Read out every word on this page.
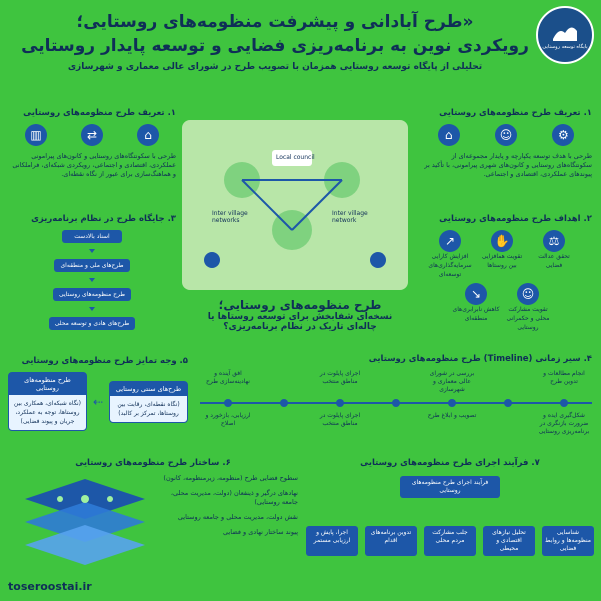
پایگاه توسعه روستایی
«طرح آبادانی و پیشرفت منظومه‌های روستایی؛
رویکردی نوین به برنامه‌ریزی فضایی و توسعه پایدار روستایی
تحلیلی از پایگاه توسعه روستایی همزمان با تصویب طرح در شورای عالی معماری و شهرسازی
۱. تعریف طرح منظومه‌های روستایی
⚙
☺
⌂
طرحی با هدف توسعه یکپارچه و پایدار مجموعه‌ای از سکونتگاه‌های روستایی و کانون‌های شهری پیرامونی، با تأکید بر پیوندهای عملکردی، اقتصادی و اجتماعی.
۱. تعریف طرح منظومه‌های روستایی
⌂
⇄
▥
طرحی با سکونتگاه‌های روستایی و کانون‌های پیرامونی عملکردی، اقتصادی و اجتماعی، رویکردی شبکه‌ای، فراملکانی و هماهنگ‌سازی برای عبور از نگاه نقطه‌ای.
۲. اهداف طرح منظومه‌های روستایی
⚖
تحقق عدالت فضایی
✋
تقویت همافزایی بین روستاها
↗
افزایش کارایی سرمایه‌گذاری‌های توسعه‌ای
☺
تقویت مشارکت محلی و حکمرانی روستایی
↘
کاهش نابرابری‌های منطقه‌ای
۳. جایگاه طرح در نظام برنامه‌ریزی
اسناد بالادست
طرح‌های ملی و منطقه‌ای
طرح منظومه‌های روستایی
طرح‌های هادی و توسعه محلی
Local council
Inter village networks
Inter village network
طرح منظومه‌های روستایی؛
نسخه‌ای شفابخش برای توسعه روستاها یا
چاله‌ای تاریک در نظام برنامه‌ریزی؟
۴. سیر زمانی (Timeline) طرح منظومه‌های روستایی
انجام مطالعات و تدوین طرح
بررسی در شورای عالی معماری و شهرسازی
اجرای پایلوت در مناطق منتخب
افق آینده و نهادینه‌سازی طرح
شکل‌گیری ایده و ضرورت بازنگری در برنامه‌ریزی روستایی
تصویب و ابلاغ طرح
اجرای پایلوت در مناطق منتخب
ارزیابی، بازخورد و اصلاح
۵. وجه تمایز طرح منظومه‌های روستایی
طرح‌های سنتی روستایی
(نگاه نقطه‌ای، رقابت بین روستاها، تمرکز بر کالبد)
⇠
طرح منظومه‌های روستایی
(نگاه شبکه‌ای، همکاری بین روستاها، توجه به عملکرد، جریان و پیوند فضایی)
۶. ساختار طرح منظومه‌های روستایی
سطوح فضایی طرح (منظومه، زیرمنظومه، کانون)
نهادهای درگیر و ذینفعان (دولت، مدیریت محلی، جامعه روستایی)
نقش دولت، مدیریت محلی و جامعه روستایی
پیوند ساختار نهادی و فضایی
۷. فرآیند اجرای طرح منظومه‌های روستایی
فرآیند اجرای طرح منظومه‌های روستایی
شناسایی منظومه‌ها و روابط فضایی
تحلیل نیازهای اقتصادی و محیطی
جلب مشارکت مردم محلی
تدوین برنامه‌های اقدام
اجرا، پایش و ارزیابی مستمر
toseroostai.ir
